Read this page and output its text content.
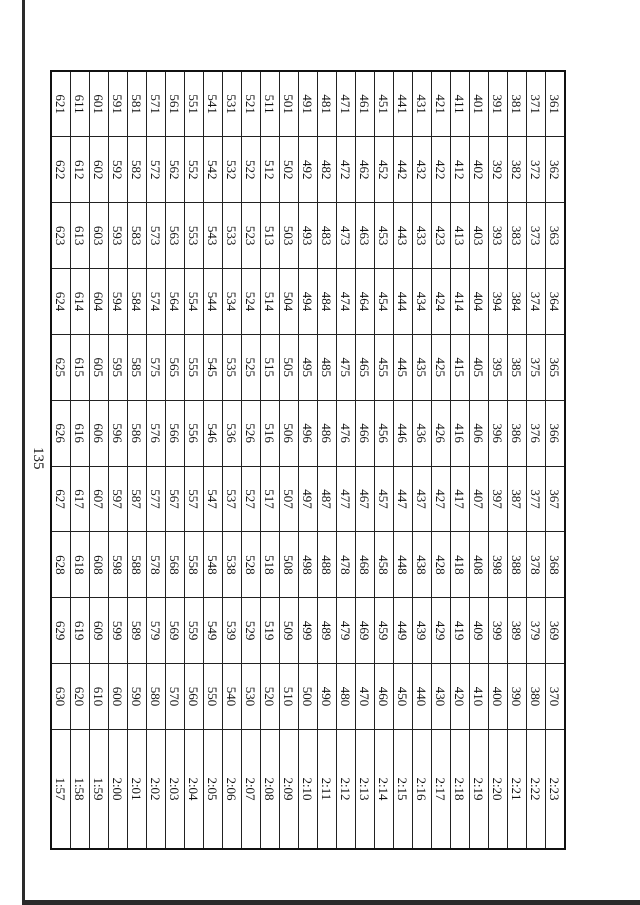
135
361	362	363	364	365	366	367	368	369	370	2:23
371	372	373	374	375	376	377	378	379	380	2:22
381	382	383	384	385	386	387	388	389	390	2:21
391	392	393	394	395	396	397	398	399	400	2:20
401	402	403	404	405	406	407	408	409	410	2:19
411	412	413	414	415	416	417	418	419	420	2:18
421	422	423	424	425	426	427	428	429	430	2:17
431	432	433	434	435	436	437	438	439	440	2:16
441	442	443	444	445	446	447	448	449	450	2:15
451	452	453	454	455	456	457	458	459	460	2:14
461	462	463	464	465	466	467	468	469	470	2:13
471	472	473	474	475	476	477	478	479	480	2:12
481	482	483	484	485	486	487	488	489	490	2:11
491	492	493	494	495	496	497	498	499	500	2:10
501	502	503	504	505	506	507	508	509	510	2:09
511	512	513	514	515	516	517	518	519	520	2:08
521	522	523	524	525	526	527	528	529	530	2:07
531	532	533	534	535	536	537	538	539	540	2:06
541	542	543	544	545	546	547	548	549	550	2:05
551	552	553	554	555	556	557	558	559	560	2:04
561	562	563	564	565	566	567	568	569	570	2:03
571	572	573	574	575	576	577	578	579	580	2:02
581	582	583	584	585	586	587	588	589	590	2:01
591	592	593	594	595	596	597	598	599	600	2:00
601	602	603	604	605	606	607	608	609	610	1:59
611	612	613	614	615	616	617	618	619	620	1:58
621	622	623	624	625	626	627	628	629	630	1:57
